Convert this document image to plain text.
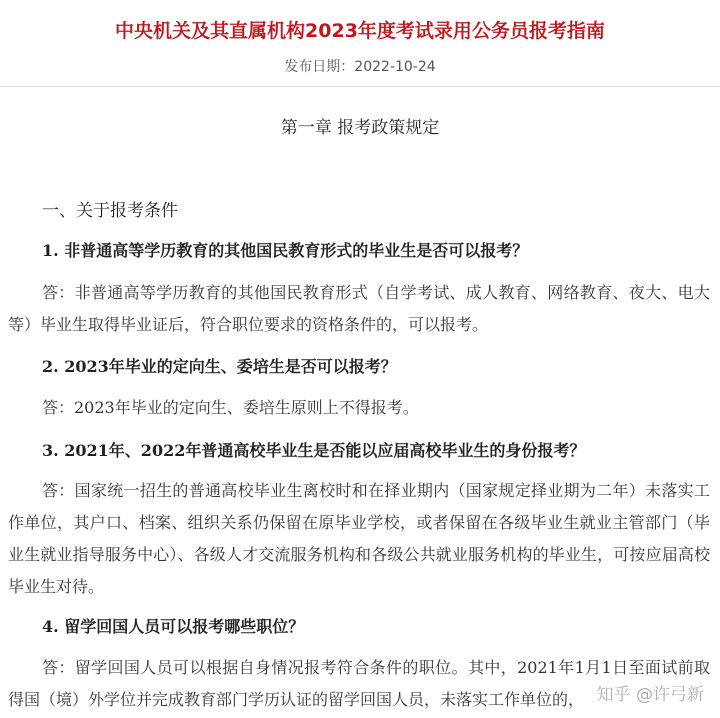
中央机关及其直属机构2023年度考试录用公务员报考指南
发布日期：2022-10-24
第一章 报考政策规定
一、关于报考条件
1. 非普通高等学历教育的其他国民教育形式的毕业生是否可以报考？
答：非普通高等学历教育的其他国民教育形式（自学考试、成人教育、网络教育、夜大、电大等）毕业生取得毕业证后，符合职位要求的资格条件的，可以报考。
2. 2023年毕业的定向生、委培生是否可以报考？
答：2023年毕业的定向生、委培生原则上不得报考。
3. 2021年、2022年普通高校毕业生是否能以应届高校毕业生的身份报考？
答：国家统一招生的普通高校毕业生离校时和在择业期内（国家规定择业期为二年）未落实工作单位，其户口、档案、组织关系仍保留在原毕业学校，或者保留在各级毕业生就业主管部门（毕业生就业指导服务中心）、各级人才交流服务机构和各级公共就业服务机构的毕业生，可按应届高校毕业生对待。
4. 留学回国人员可以报考哪些职位？
答：留学回国人员可以根据自身情况报考符合条件的职位。其中，2021年1月1日至面试前取得国（境）外学位并完成教育部门学历认证的留学回国人员，未落实工作单位的， 知乎 @许弓新
